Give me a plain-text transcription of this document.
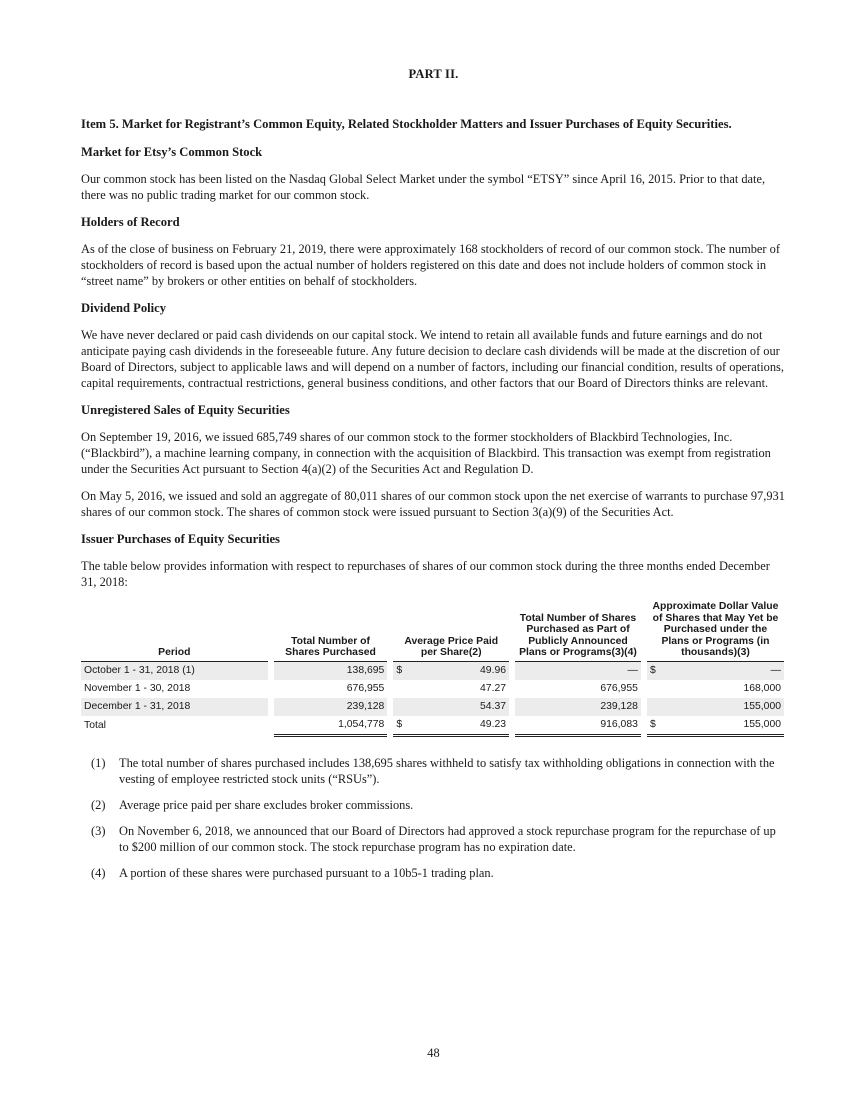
PART II.
Item 5. Market for Registrant’s Common Equity, Related Stockholder Matters and Issuer Purchases of Equity Securities.
Market for Etsy’s Common Stock

Our common stock has been listed on the Nasdaq Global Select Market under the symbol “ETSY” since April 16, 2015. Prior to that date, there was no public trading market for our common stock.

Holders of Record

As of the close of business on February 21, 2019, there were approximately 168 stockholders of record of our common stock. The number of stockholders of record is based upon the actual number of holders registered on this date and does not include holders of common stock in “street name” by brokers or other entities on behalf of stockholders.

Dividend Policy

We have never declared or paid cash dividends on our capital stock. We intend to retain all available funds and future earnings and do not anticipate paying cash dividends in the foreseeable future. Any future decision to declare cash dividends will be made at the discretion of our Board of Directors, subject to applicable laws and will depend on a number of factors, including our financial condition, results of operations, capital requirements, contractual restrictions, general business conditions, and other factors that our Board of Directors thinks are relevant.

Unregistered Sales of Equity Securities

On September 19, 2016, we issued 685,749 shares of our common stock to the former stockholders of Blackbird Technologies, Inc. (“Blackbird”), a machine learning company, in connection with the acquisition of Blackbird. This transaction was exempt from registration under the Securities Act pursuant to Section 4(a)(2) of the Securities Act and Regulation D.

On May 5, 2016, we issued and sold an aggregate of 80,011 shares of our common stock upon the net exercise of warrants to purchase 97,931 shares of our common stock. The shares of common stock were issued pursuant to Section 3(a)(9) of the Securities Act.

Issuer Purchases of Equity Securities

The table below provides information with respect to repurchases of shares of our common stock during the three months ended December 31, 2018:

Period		Total Number of Shares Purchased		Average Price Paid per Share(2)			Total Number of Shares Purchased as Part of Publicly Announced Plans or Programs(3)(4)		Approximate Dollar Value of Shares that May Yet be Purchased under the Plans or Programs (in thousands)(3)	
October 1 - 31, 2018 (1)		138,695		$	49.96		—		$	—
November 1 - 30, 2018		676,955			47.27		676,955			168,000
December 1 - 31, 2018		239,128			54.37		239,128			155,000
Total		1,054,778		$	49.23		916,083		$	155,000
(1)	The total number of shares purchased includes 138,695 shares withheld to satisfy tax withholding obligations in connection with the vesting of employee restricted stock units (“RSUs”).
(2)	Average price paid per share excludes broker commissions.
(3)	On November 6, 2018, we announced that our Board of Directors had approved a stock repurchase program for the repurchase of up to $200 million of our common stock. The stock repurchase program has no expiration date.
(4)	A portion of these shares were purchased pursuant to a 10b5-1 trading plan.
48
